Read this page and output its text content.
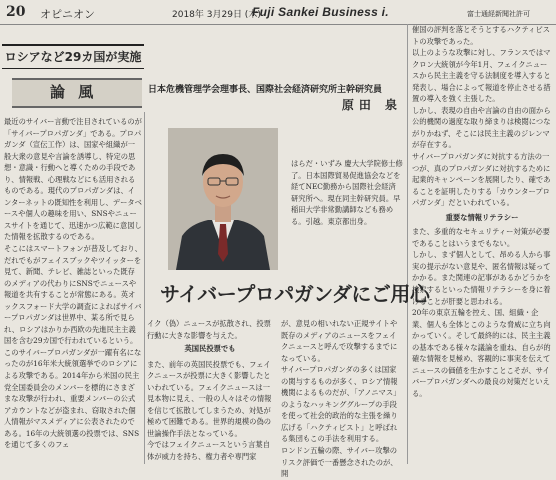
20 オピニオン	2018年 3月29日 (木)
Fuji Sankei Business i.	富士通経新聞社許可
ロシアなど29カ国が実施
論 風

最近のサイバー言動で注目されているのが「サイバープロパガンダ」である。プロパガンダ（宣伝工作）は、国家や組織が一般大衆の意見や言論を誘導し、特定の思想・意識・行動へと導くための手段であり、情報戦、心理戦などにも活用されるものである。現代のプロパガンダは、インターネットの既知性を利用し、データベースや個人の趣味を用い、SNSやニュースサイトを通じて、迅速かつ広範に意図した情報を拡散するのである。

そこにはスマートフォンが普及しており、だれでもがフェイスブックやツイッターを見て、新聞、テレビ、雑誌といった既存のメディアの代わりにSNSでニュースや報道を共有することが常態にある。英オックスフォード大学の調査によればサイバープロパガンダは世界中、某る所で見られ、ロシアはかりか西欧の先進民主主義国を含む29カ国で行われているという。

このサイバープロパガンダが一躍有名になったのが16年米大統領選挙でのロシアによる攻撃である。2014年から米国の民主党全国委員会のメンバーを標的にさまざまな攻撃が行われ、重要メンバーの公式アカウントなどが盗まれ、窃取された個人情報がマスメディアに公表されたのである。16年の大統領選の投票では、SNSを通じて多くのフェ

日本危機管理学会理事長、国際社会経済研究所主幹研究員
原田 泉
はらだ・いずみ 慶大大学院修士修了。日本国際貿易促進協会などを経てNEC勤務から国際社会経済研究所へ。現在同主幹研究員。早稲田大学非常勤講師なども務める。引越。東京都出身。
サイバープロパガンダにご用心

イク（偽）ニュースが拡散され、投票行動に大きな影響を与えた。

英国民投票でも

また、前年の英国民投票でも、フェイクニュースが投票に大きく影響したといわれている。フェイクニュースは一見本物に見え、一般の人々はその情報を信じて拡散してしまうため、対処が極めて困難である。世界的規模の偽の世論操作手法となっている。

今ではフェイクニュースという言葉自体が威力を持ち、権力者や専門家

が、意見の相いれない正規サイトや既存のメディアのニュースをフェイクニュースと呼んで攻撃するまでになっている。

サイバープロパガンダの多くは国家の関与するものが多く、ロシア情報機関によるものだが、「アノニマス」のようなハッキンググループの手段を使って社会的政治的な主張を繰り広げる「ハクティビスト」と呼ばれる集団もこの手法を利用する。

ロンドン五輪の際、サイバー攻撃のリスク評価で一番懸念されたのが、開

催国の評判を落とそうとするハクティビストの攻撃であった。

以上のような攻撃に対し、フランスではマクロン大統領が今年1月、フェイクニュースから民主主義を守る法制度を導入すると発表し、場合によって報道を停止させる措置の導入を強く主張した。

しかし、表現の自由や言論の自由の面から公的機関の過度な取り締まりは検閲につながりかねず、そこには民主主義のジレンマが存在する。

サイバープロパガンダに対抗する方法の一つが、真のプロパガンダに対抗するために起業的キャンペーンを展開したり、確であることを証明したりする「カウンタープロパガンダ」だといわれている。

重要な情報リテラシー

また、多重的なセキュリティー対策が必要であることはいうまでもない。

しかし、まず個人として、昂める人から事実の提示がない意見や、匿名情報は疑ってかかる。また関連の記事があるかどうかを検索するといった情報リテラシーを身に着けることが肝要と思われる。

20年の東京五輪を控え、国、組織・企業、個人も全体とこのような脅威に立ち向かっていく。そして最終的には、民主主義の基本である様々な議論を重ね、自らが的確な情報を見極め、客観的に事実を伝えてニュースの価値を生かすことこそが、サイバープロパガンダへの最良の対策だといえる。
